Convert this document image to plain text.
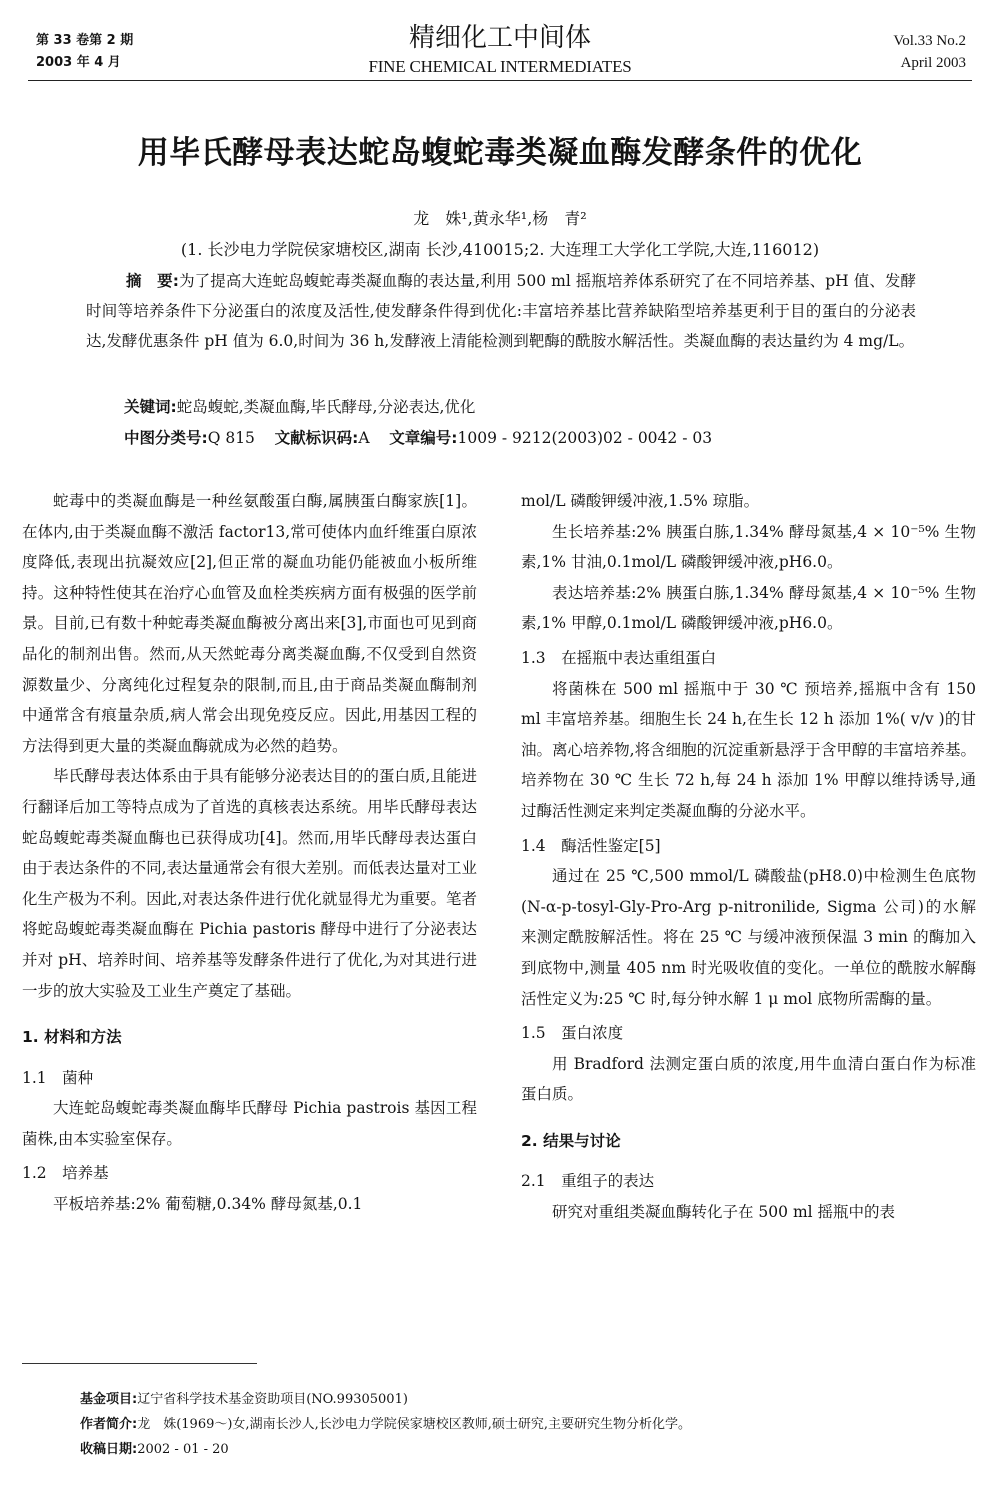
第 33 卷第 2 期
2003 年 4 月
精细化工中间体
FINE CHEMICAL INTERMEDIATES
Vol.33 No.2
April 2003
用毕氏酵母表达蛇岛蝮蛇毒类凝血酶发酵条件的优化
龙　姝¹,黄永华¹,杨　青²
(1. 长沙电力学院侯家塘校区,湖南 长沙,410015;2. 大连理工大学化工学院,大连,116012)
摘　要:为了提高大连蛇岛蝮蛇毒类凝血酶的表达量,利用 500 ml 摇瓶培养体系研究了在不同培养基、pH 值、发酵时间等培养条件下分泌蛋白的浓度及活性,使发酵条件得到优化:丰富培养基比营养缺陷型培养基更利于目的蛋白的分泌表达,发酵优惠条件 pH 值为 6.0,时间为 36 h,发酵液上清能检测到靶酶的酰胺水解活性。类凝血酶的表达量约为 4 mg/L。
关键词:蛇岛蝮蛇,类凝血酶,毕氏酵母,分泌表达,优化
中图分类号:Q 815 文献标识码:A 文章编号:1009 - 9212(2003)02 - 0042 - 03

蛇毒中的类凝血酶是一种丝氨酸蛋白酶,属胰蛋白酶家族[1]。在体内,由于类凝血酶不激活 factor13,常可使体内血纤维蛋白原浓度降低,表现出抗凝效应[2],但正常的凝血功能仍能被血小板所维持。这种特性使其在治疗心血管及血栓类疾病方面有极强的医学前景。目前,已有数十种蛇毒类凝血酶被分离出来[3],市面也可见到商品化的制剂出售。然而,从天然蛇毒分离类凝血酶,不仅受到自然资源数量少、分离纯化过程复杂的限制,而且,由于商品类凝血酶制剂中通常含有痕量杂质,病人常会出现免疫反应。因此,用基因工程的方法得到更大量的类凝血酶就成为必然的趋势。

毕氏酵母表达体系由于具有能够分泌表达目的的蛋白质,且能进行翻译后加工等特点成为了首选的真核表达系统。用毕氏酵母表达蛇岛蝮蛇毒类凝血酶也已获得成功[4]。然而,用毕氏酵母表达蛋白由于表达条件的不同,表达量通常会有很大差别。而低表达量对工业化生产极为不利。因此,对表达条件进行优化就显得尤为重要。笔者将蛇岛蝮蛇毒类凝血酶在 Pichia pastoris 酵母中进行了分泌表达并对 pH、培养时间、培养基等发酵条件进行了优化,为对其进行进一步的放大实验及工业生产奠定了基础。

1. 材料和方法

1.1　菌种

大连蛇岛蝮蛇毒类凝血酶毕氏酵母 Pichia pastrois 基因工程菌株,由本实验室保存。

1.2　培养基

平板培养基:2% 葡萄糖,0.34% 酵母氮基,0.1

mol/L 磷酸钾缓冲液,1.5% 琼脂。

生长培养基:2% 胰蛋白胨,1.34% 酵母氮基,4 × 10⁻⁵% 生物素,1% 甘油,0.1mol/L 磷酸钾缓冲液,pH6.0。

表达培养基:2% 胰蛋白胨,1.34% 酵母氮基,4 × 10⁻⁵% 生物素,1% 甲醇,0.1mol/L 磷酸钾缓冲液,pH6.0。

1.3　在摇瓶中表达重组蛋白

将菌株在 500 ml 摇瓶中于 30 ℃ 预培养,摇瓶中含有 150 ml 丰富培养基。细胞生长 24 h,在生长 12 h 添加 1%( v/v )的甘油。离心培养物,将含细胞的沉淀重新悬浮于含甲醇的丰富培养基。培养物在 30 ℃ 生长 72 h,每 24 h 添加 1% 甲醇以维持诱导,通过酶活性测定来判定类凝血酶的分泌水平。

1.4　酶活性鉴定[5]

通过在 25 ℃,500 mmol/L 磷酸盐(pH8.0)中检测生色底物(N-α-p-tosyl-Gly-Pro-Arg p-nitronilide, Sigma 公司)的水解来测定酰胺解活性。将在 25 ℃ 与缓冲液预保温 3 min 的酶加入到底物中,测量 405 nm 时光吸收值的变化。一单位的酰胺水解酶活性定义为:25 ℃ 时,每分钟水解 1 μ mol 底物所需酶的量。

1.5　蛋白浓度

用 Bradford 法测定蛋白质的浓度,用牛血清白蛋白作为标准蛋白质。

2. 结果与讨论

2.1　重组子的表达

研究对重组类凝血酶转化子在 500 ml 摇瓶中的表

基金项目:辽宁省科学技术基金资助项目(NO.99305001)
作者简介:龙　姝(1969～)女,湖南长沙人,长沙电力学院侯家塘校区教师,硕士研究,主要研究生物分析化学。
收稿日期:2002 - 01 - 20
